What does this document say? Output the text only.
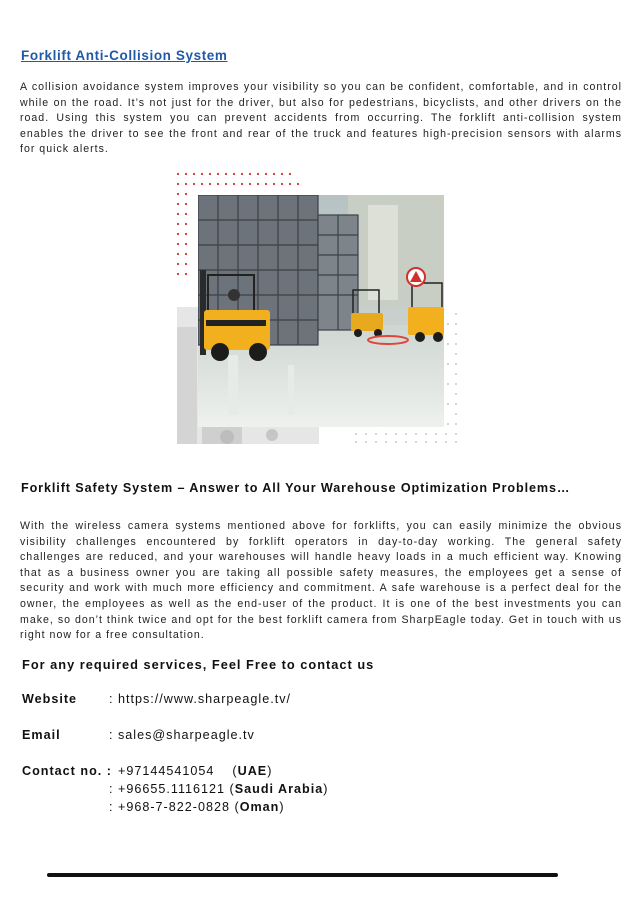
Forklift Anti-Collision System

A collision avoidance system improves your visibility so you can be confident, comfortable, and in control while on the road. It’s not just for the driver, but also for pedestrians, bicyclists, and other drivers on the road. Using this system you can prevent accidents from occurring. The forklift anti-collision system enables the driver to see the front and rear of the truck and features high-precision sensors with alarms for quick alerts.

Forklift Safety System – Answer to All Your Warehouse Optimization Problems…

With the wireless camera systems mentioned above for forklifts, you can easily minimize the obvious visibility challenges encountered by forklift operators in day-to-day working. The general safety challenges are reduced, and your warehouses will handle heavy loads in a much efficient way. Knowing that as a business owner you are taking all possible safety measures, the employees get a sense of security and work with much more efficiency and commitment. A safe warehouse is a perfect deal for the owner, the employees as well as the end-user of the product. It is one of the best investments you can make, so don’t think twice and opt for the best forklift camera from SharpEagle today. Get in touch with us right now for a free consultation.

For any required services, Feel Free to contact us
Website	: https://www.sharpeagle.tv/
Email	: sales@sharpeagle.tv
Contact no. : +97144541054 (UAE)
: +96655.1116121 (Saudi Arabia)
: +968-7-822-0828 (Oman)
